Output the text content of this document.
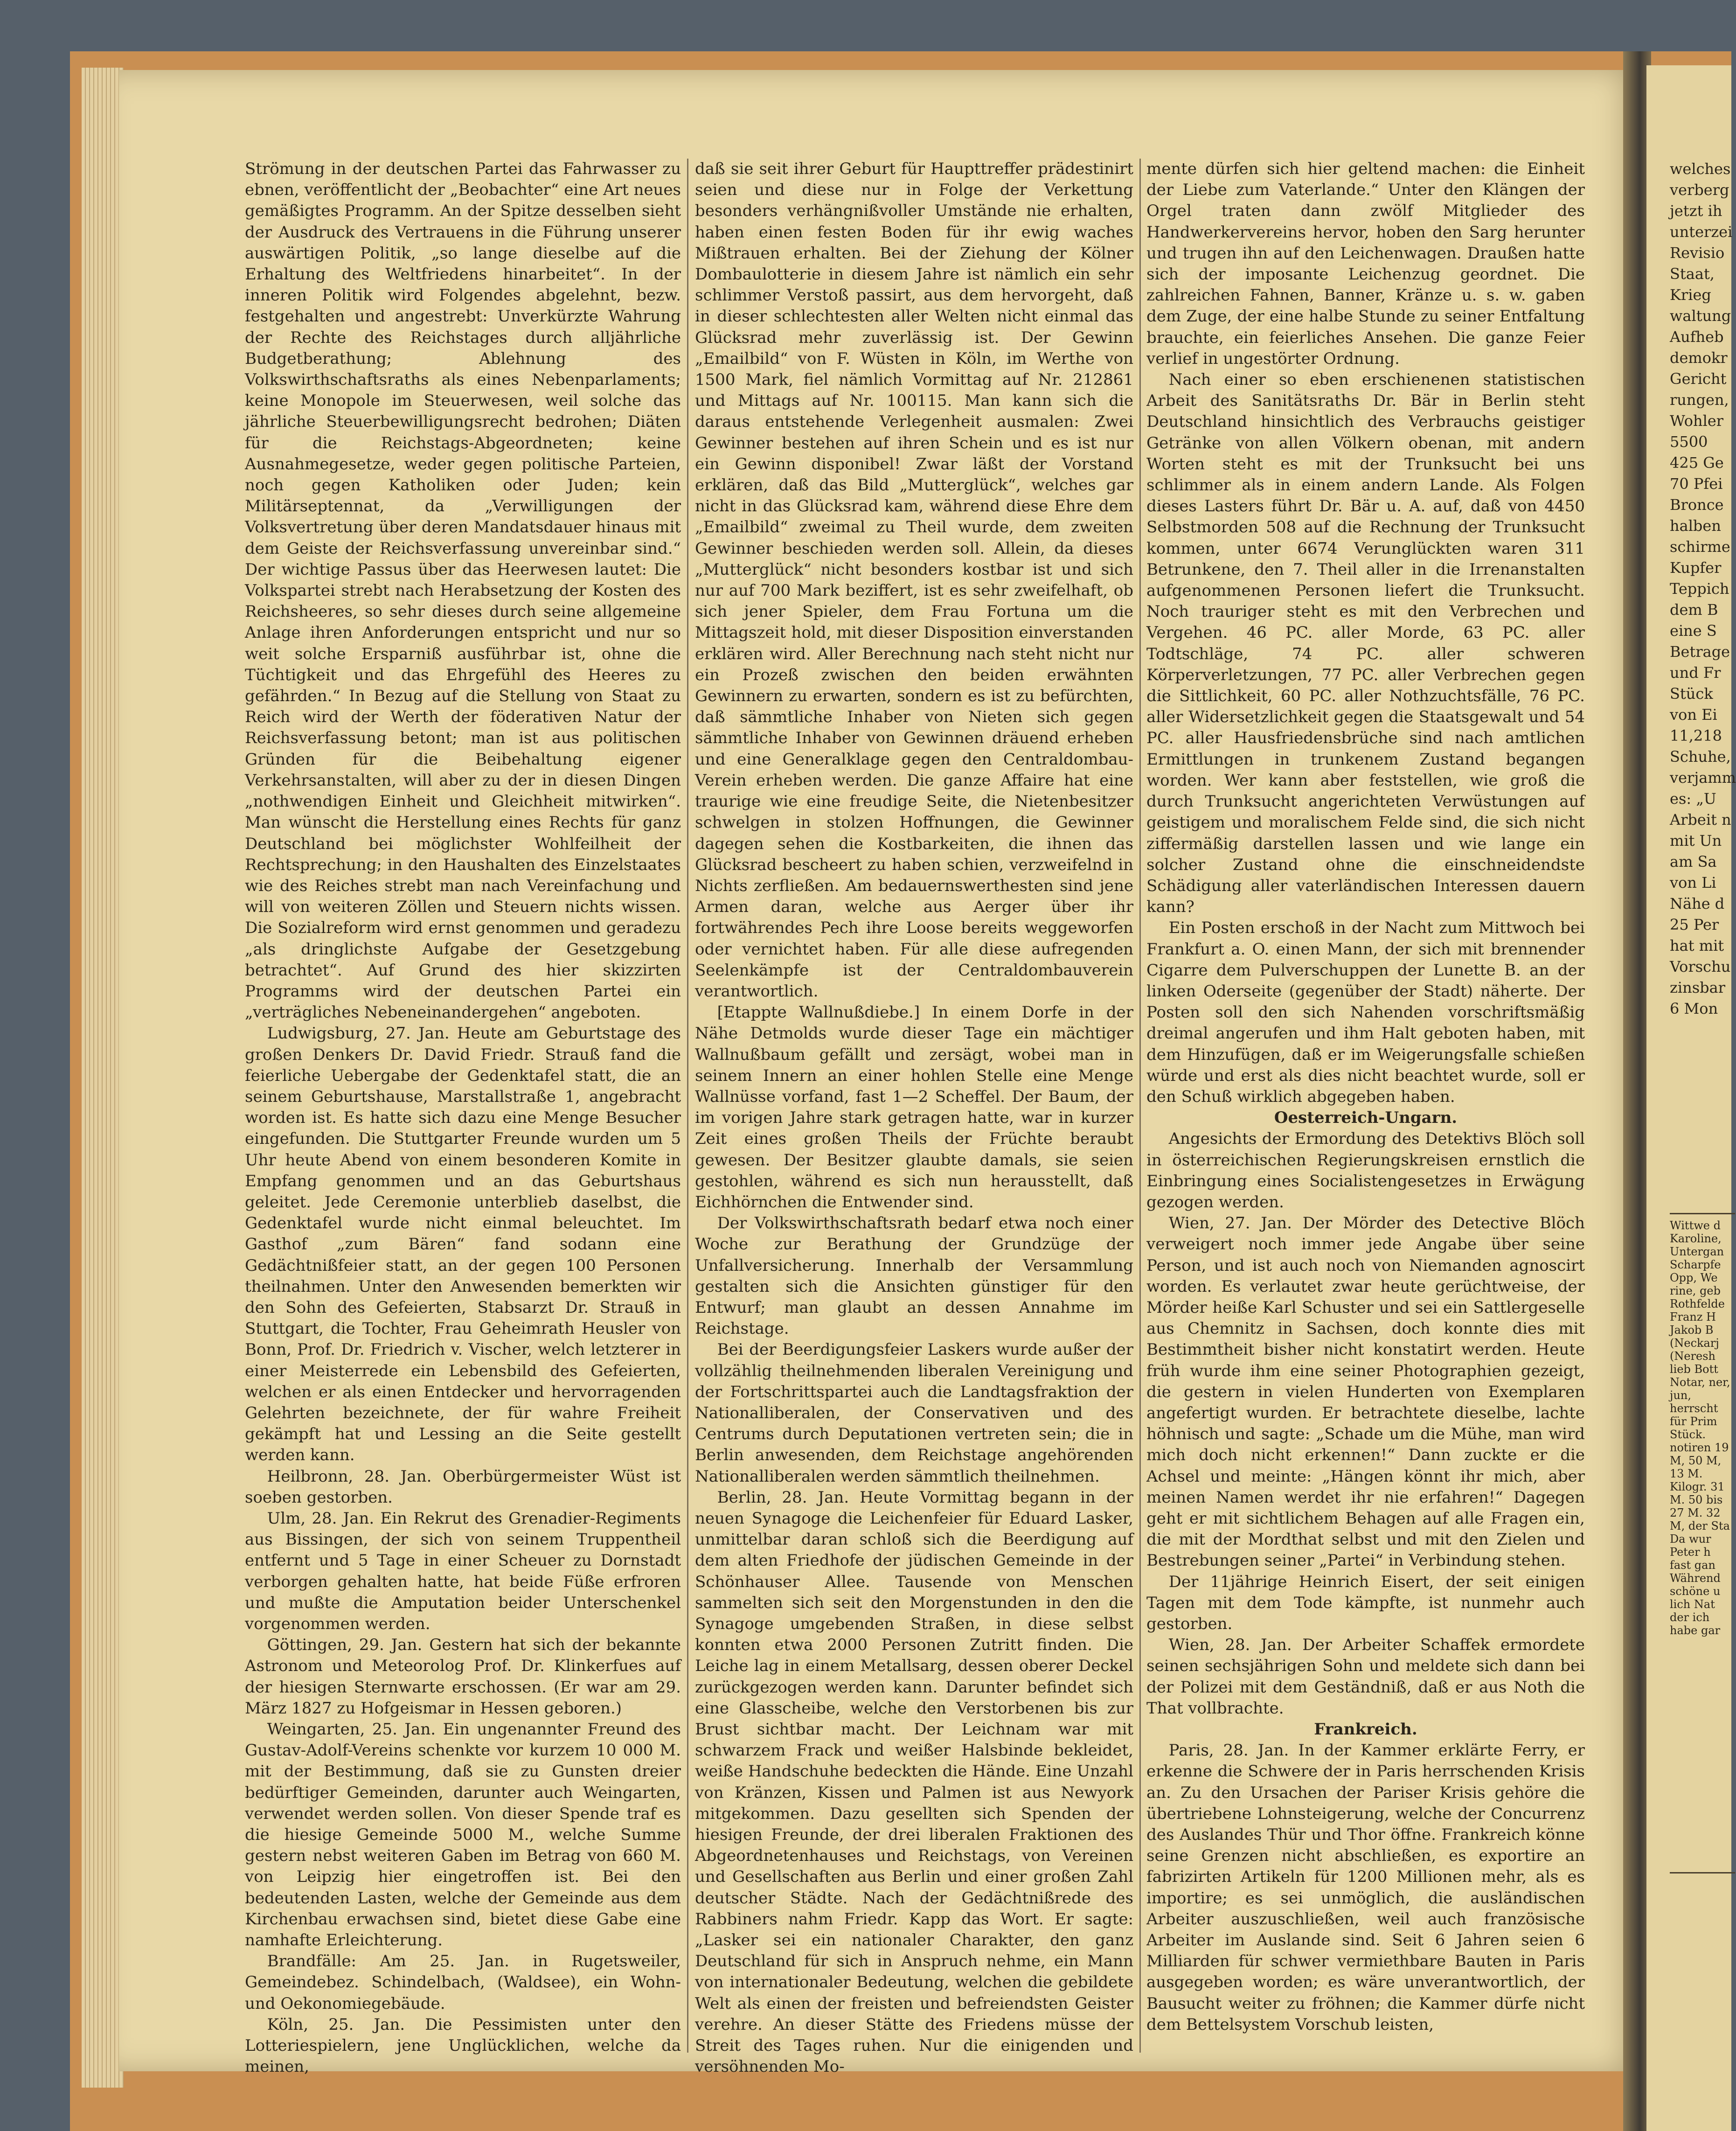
Strömung in der deutschen Partei das Fahrwasser zu ebnen, veröffentlicht der „Beobachter“ eine Art neues gemäßigtes Programm. An der Spitze desselben sieht der Ausdruck des Vertrauens in die Führung unserer auswärtigen Politik, „so lange dieselbe auf die Erhaltung des Weltfriedens hinarbeitet“. In der inneren Politik wird Folgendes abgelehnt, bezw. festgehalten und angestrebt: Unverkürzte Wahrung der Rechte des Reichstages durch alljährliche Budgetberathung; Ablehnung des Volkswirthschaftsraths als eines Nebenparlaments; keine Monopole im Steuerwesen, weil solche das jährliche Steuerbewilligungsrecht bedrohen; Diäten für die Reichstags-Abgeordneten; keine Ausnahmegesetze, weder gegen politische Parteien, noch gegen Katholiken oder Juden; kein Militärseptennat, da „Verwilligungen der Volksvertretung über deren Mandatsdauer hinaus mit dem Geiste der Reichsverfassung unvereinbar sind.“ Der wichtige Passus über das Heerwesen lautet: Die Volkspartei strebt nach Herabsetzung der Kosten des Reichsheeres, so sehr dieses durch seine allgemeine Anlage ihren Anforderungen entspricht und nur so weit solche Ersparniß ausführbar ist, ohne die Tüchtigkeit und das Ehrgefühl des Heeres zu gefährden.“ In Bezug auf die Stellung von Staat zu Reich wird der Werth der föderativen Natur der Reichsverfassung betont; man ist aus politischen Gründen für die Beibehaltung eigener Verkehrsanstalten, will aber zu der in diesen Dingen „nothwendigen Einheit und Gleichheit mitwirken“. Man wünscht die Herstellung eines Rechts für ganz Deutschland bei möglichster Wohlfeilheit der Rechtsprechung; in den Haushalten des Einzelstaates wie des Reiches strebt man nach Vereinfachung und will von weiteren Zöllen und Steuern nichts wissen. Die Sozialreform wird ernst genommen und geradezu „als dringlichste Aufgabe der Gesetzgebung betrachtet“. Auf Grund des hier skizzirten Programms wird der deutschen Partei ein „verträgliches Nebeneinandergehen“ angeboten.

Ludwigsburg, 27. Jan. Heute am Geburtstage des großen Denkers Dr. David Friedr. Strauß fand die feierliche Uebergabe der Gedenktafel statt, die an seinem Geburtshause, Marstallstraße 1, angebracht worden ist. Es hatte sich dazu eine Menge Besucher eingefunden. Die Stuttgarter Freunde wurden um 5 Uhr heute Abend von einem besonderen Komite in Empfang genommen und an das Geburtshaus geleitet. Jede Ceremonie unterblieb daselbst, die Gedenktafel wurde nicht einmal beleuchtet. Im Gasthof „zum Bären“ fand sodann eine Gedächtnißfeier statt, an der gegen 100 Personen theilnahmen. Unter den Anwesenden bemerkten wir den Sohn des Gefeierten, Stabsarzt Dr. Strauß in Stuttgart, die Tochter, Frau Geheimrath Heusler von Bonn, Prof. Dr. Friedrich v. Vischer, welch letzterer in einer Meisterrede ein Lebensbild des Gefeierten, welchen er als einen Entdecker und hervorragenden Gelehrten bezeichnete, der für wahre Freiheit gekämpft hat und Lessing an die Seite gestellt werden kann.

Heilbronn, 28. Jan. Oberbürgermeister Wüst ist soeben gestorben.

Ulm, 28. Jan. Ein Rekrut des Grenadier-Regiments aus Bissingen, der sich von seinem Truppentheil entfernt und 5 Tage in einer Scheuer zu Dornstadt verborgen gehalten hatte, hat beide Füße erfroren und mußte die Amputation beider Unterschenkel vorgenommen werden.

Göttingen, 29. Jan. Gestern hat sich der bekannte Astronom und Meteorolog Prof. Dr. Klinkerfues auf der hiesigen Sternwarte erschossen. (Er war am 29. März 1827 zu Hofgeismar in Hessen geboren.)

Weingarten, 25. Jan. Ein ungenannter Freund des Gustav-Adolf-Vereins schenkte vor kurzem 10 000 M. mit der Bestimmung, daß sie zu Gunsten dreier bedürftiger Gemeinden, darunter auch Weingarten, verwendet werden sollen. Von dieser Spende traf es die hiesige Gemeinde 5000 M., welche Summe gestern nebst weiteren Gaben im Betrag von 660 M. von Leipzig hier eingetroffen ist. Bei den bedeutenden Lasten, welche der Gemeinde aus dem Kirchenbau erwachsen sind, bietet diese Gabe eine namhafte Erleichterung.

Brandfälle: Am 25. Jan. in Rugetsweiler, Gemeindebez. Schindelbach, (Waldsee), ein Wohn- und Oekonomiegebäude.

Köln, 25. Jan. Die Pessimisten unter den Lotteriespielern, jene Unglücklichen, welche da meinen,

daß sie seit ihrer Geburt für Haupttreffer prädestinirt seien und diese nur in Folge der Verkettung besonders verhängnißvoller Umstände nie erhalten, haben einen festen Boden für ihr ewig waches Mißtrauen erhalten. Bei der Ziehung der Kölner Dombaulotterie in diesem Jahre ist nämlich ein sehr schlimmer Verstoß passirt, aus dem hervorgeht, daß in dieser schlechtesten aller Welten nicht einmal das Glücksrad mehr zuverlässig ist. Der Gewinn „Emailbild“ von F. Wüsten in Köln, im Werthe von 1500 Mark, fiel nämlich Vormittag auf Nr. 212861 und Mittags auf Nr. 100115. Man kann sich die daraus entstehende Verlegenheit ausmalen: Zwei Gewinner bestehen auf ihren Schein und es ist nur ein Gewinn disponibel! Zwar läßt der Vorstand erklären, daß das Bild „Mutterglück“, welches gar nicht in das Glücksrad kam, während diese Ehre dem „Emailbild“ zweimal zu Theil wurde, dem zweiten Gewinner beschieden werden soll. Allein, da dieses „Mutterglück“ nicht besonders kostbar ist und sich nur auf 700 Mark beziffert, ist es sehr zweifelhaft, ob sich jener Spieler, dem Frau Fortuna um die Mittagszeit hold, mit dieser Disposition einverstanden erklären wird. Aller Berechnung nach steht nicht nur ein Prozeß zwischen den beiden erwähnten Gewinnern zu erwarten, sondern es ist zu befürchten, daß sämmtliche Inhaber von Nieten sich gegen sämmtliche Inhaber von Gewinnen dräuend erheben und eine Generalklage gegen den Centraldombau-Verein erheben werden. Die ganze Affaire hat eine traurige wie eine freudige Seite, die Nietenbesitzer schwelgen in stolzen Hoffnungen, die Gewinner dagegen sehen die Kostbarkeiten, die ihnen das Glücksrad bescheert zu haben schien, verzweifelnd in Nichts zerfließen. Am bedauernswerthesten sind jene Armen daran, welche aus Aerger über ihr fortwährendes Pech ihre Loose bereits weggeworfen oder vernichtet haben. Für alle diese aufregenden Seelenkämpfe ist der Centraldombauverein verantwortlich.

[Etappte Wallnußdiebe.] In einem Dorfe in der Nähe Detmolds wurde dieser Tage ein mächtiger Wallnußbaum gefällt und zersägt, wobei man in seinem Innern an einer hohlen Stelle eine Menge Wallnüsse vorfand, fast 1—2 Scheffel. Der Baum, der im vorigen Jahre stark getragen hatte, war in kurzer Zeit eines großen Theils der Früchte beraubt gewesen. Der Besitzer glaubte damals, sie seien gestohlen, während es sich nun herausstellt, daß Eichhörnchen die Entwender sind.

Der Volkswirthschaftsrath bedarf etwa noch einer Woche zur Berathung der Grundzüge der Unfallversicherung. Innerhalb der Versammlung gestalten sich die Ansichten günstiger für den Entwurf; man glaubt an dessen Annahme im Reichstage.

Bei der Beerdigungsfeier Laskers wurde außer der vollzählig theilnehmenden liberalen Vereinigung und der Fortschrittspartei auch die Landtagsfraktion der Nationalliberalen, der Conservativen und des Centrums durch Deputationen vertreten sein; die in Berlin anwesenden, dem Reichstage angehörenden Nationalliberalen werden sämmtlich theilnehmen.

Berlin, 28. Jan. Heute Vormittag begann in der neuen Synagoge die Leichenfeier für Eduard Lasker, unmittelbar daran schloß sich die Beerdigung auf dem alten Friedhofe der jüdischen Gemeinde in der Schönhauser Allee. Tausende von Menschen sammelten sich seit den Morgenstunden in den die Synagoge umgebenden Straßen, in diese selbst konnten etwa 2000 Personen Zutritt finden. Die Leiche lag in einem Metallsarg, dessen oberer Deckel zurückgezogen werden kann. Darunter befindet sich eine Glasscheibe, welche den Verstorbenen bis zur Brust sichtbar macht. Der Leichnam war mit schwarzem Frack und weißer Halsbinde bekleidet, weiße Handschuhe bedeckten die Hände. Eine Unzahl von Kränzen, Kissen und Palmen ist aus Newyork mitgekommen. Dazu gesellten sich Spenden der hiesigen Freunde, der drei liberalen Fraktionen des Abgeordnetenhauses und Reichstags, von Vereinen und Gesellschaften aus Berlin und einer großen Zahl deutscher Städte. Nach der Gedächtnißrede des Rabbiners nahm Friedr. Kapp das Wort. Er sagte: „Lasker sei ein nationaler Charakter, den ganz Deutschland für sich in Anspruch nehme, ein Mann von internationaler Bedeutung, welchen die gebildete Welt als einen der freisten und befreiendsten Geister verehre. An dieser Stätte des Friedens müsse der Streit des Tages ruhen. Nur die einigenden und versöhnenden Mo-

mente dürfen sich hier geltend machen: die Einheit der Liebe zum Vaterlande.“ Unter den Klängen der Orgel traten dann zwölf Mitglieder des Handwerkervereins hervor, hoben den Sarg herunter und trugen ihn auf den Leichenwagen. Draußen hatte sich der imposante Leichenzug geordnet. Die zahlreichen Fahnen, Banner, Kränze u. s. w. gaben dem Zuge, der eine halbe Stunde zu seiner Entfaltung brauchte, ein feierliches Ansehen. Die ganze Feier verlief in ungestörter Ordnung.

Nach einer so eben erschienenen statistischen Arbeit des Sanitätsraths Dr. Bär in Berlin steht Deutschland hinsichtlich des Verbrauchs geistiger Getränke von allen Völkern obenan, mit andern Worten steht es mit der Trunksucht bei uns schlimmer als in einem andern Lande. Als Folgen dieses Lasters führt Dr. Bär u. A. auf, daß von 4450 Selbstmorden 508 auf die Rechnung der Trunksucht kommen, unter 6674 Verunglückten waren 311 Betrunkene, den 7. Theil aller in die Irrenanstalten aufgenommenen Personen liefert die Trunksucht. Noch trauriger steht es mit den Verbrechen und Vergehen. 46 PC. aller Morde, 63 PC. aller Todtschläge, 74 PC. aller schweren Körperverletzungen, 77 PC. aller Verbrechen gegen die Sittlichkeit, 60 PC. aller Nothzuchtsfälle, 76 PC. aller Widersetzlichkeit gegen die Staatsgewalt und 54 PC. aller Hausfriedensbrüche sind nach amtlichen Ermittlungen in trunkenem Zustand begangen worden. Wer kann aber feststellen, wie groß die durch Trunksucht angerichteten Verwüstungen auf geistigem und moralischem Felde sind, die sich nicht ziffermäßig darstellen lassen und wie lange ein solcher Zustand ohne die einschneidendste Schädigung aller vaterländischen Interessen dauern kann?

Ein Posten erschoß in der Nacht zum Mittwoch bei Frankfurt a. O. einen Mann, der sich mit brennender Cigarre dem Pulverschuppen der Lunette B. an der linken Oderseite (gegenüber der Stadt) näherte. Der Posten soll den sich Nahenden vorschriftsmäßig dreimal angerufen und ihm Halt geboten haben, mit dem Hinzufügen, daß er im Weigerungsfalle schießen würde und erst als dies nicht beachtet wurde, soll er den Schuß wirklich abgegeben haben.

Oesterreich-Ungarn.

Angesichts der Ermordung des Detektivs Blöch soll in österreichischen Regierungskreisen ernstlich die Einbringung eines Socialistengesetzes in Erwägung gezogen werden.

Wien, 27. Jan. Der Mörder des Detective Blöch verweigert noch immer jede Angabe über seine Person, und ist auch noch von Niemanden agnoscirt worden. Es verlautet zwar heute gerüchtweise, der Mörder heiße Karl Schuster und sei ein Sattlergeselle aus Chemnitz in Sachsen, doch konnte dies mit Bestimmtheit bisher nicht konstatirt werden. Heute früh wurde ihm eine seiner Photographien gezeigt, die gestern in vielen Hunderten von Exemplaren angefertigt wurden. Er betrachtete dieselbe, lachte höhnisch und sagte: „Schade um die Mühe, man wird mich doch nicht erkennen!“ Dann zuckte er die Achsel und meinte: „Hängen könnt ihr mich, aber meinen Namen werdet ihr nie erfahren!“ Dagegen geht er mit sichtlichem Behagen auf alle Fragen ein, die mit der Mordthat selbst und mit den Zielen und Bestrebungen seiner „Partei“ in Verbindung stehen.

Der 11jährige Heinrich Eisert, der seit einigen Tagen mit dem Tode kämpfte, ist nunmehr auch gestorben.

Wien, 28. Jan. Der Arbeiter Schaffek ermordete seinen sechsjährigen Sohn und meldete sich dann bei der Polizei mit dem Geständniß, daß er aus Noth die That vollbrachte.

Frankreich.

Paris, 28. Jan. In der Kammer erklärte Ferry, er erkenne die Schwere der in Paris herrschenden Krisis an. Zu den Ursachen der Pariser Krisis gehöre die übertriebene Lohnsteigerung, welche der Concurrenz des Auslandes Thür und Thor öffne. Frankreich könne seine Grenzen nicht abschließen, es exportire an fabrizirten Artikeln für 1200 Millionen mehr, als es importire; es sei unmöglich, die ausländischen Arbeiter auszuschließen, weil auch französische Arbeiter im Auslande sind. Seit 6 Jahren seien 6 Milliarden für schwer vermiethbare Bauten in Paris ausgegeben worden; es wäre unverantwortlich, der Bausucht weiter zu fröhnen; die Kammer dürfe nicht dem Bettelsystem Vorschub leisten,

welches verberg jetzt ih unterzei Revisio Staat, Krieg waltung Aufheb demokr Gericht rungen, Wohler 5500 425 Ge 70 Pfei Bronce halben schirme Kupfer Teppich dem B eine S Betrage und Fr Stück von Ei 11,218 Schuhe, verjamm es: „U Arbeit n mit Un am Sa von Li Nähe d 25 Per hat mit Vorschu zinsbar 6 Mon

Wittwe d Karoline, Untergan Scharpfe Opp, We rine, geb Rothfelde Franz H Jakob B (Neckarj (Neresh lieb Bott Notar, ner, jun, herrscht für Prim Stück. notiren 19 M, 50 M, 13 M. Kilogr. 31 M. 50 bis 27 M. 32 M, der Sta Da wur Peter h fast gan Während schöne u lich Nat der ich habe gar
